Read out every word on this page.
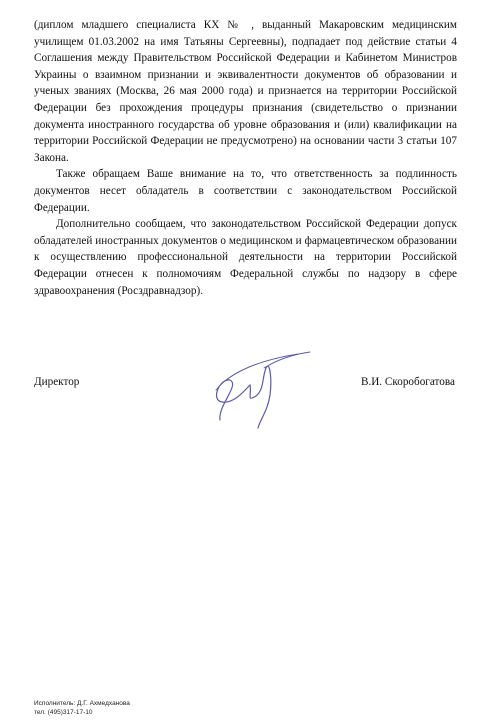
(диплом младшего специалиста КХ № , выданный Макаровским медицинским училищем 01.03.2002 на имя Татьяны Сергеевны), подпадает под действие статьи 4 Соглашения между Правительством Российской Федерации и Кабинетом Министров Украины о взаимном признании и эквивалентности документов об образовании и ученых званиях (Москва, 26 мая 2000 года) и признается на территории Российской Федерации без прохождения процедуры признания (свидетельство о признании документа иностранного государства об уровне образования и (или) квалификации на территории Российской Федерации не предусмотрено) на основании части 3 статьи 107 Закона.

Также обращаем Ваше внимание на то, что ответственность за подлинность документов несет обладатель в соответствии с законодательством Российской Федерации.

Дополнительно сообщаем, что законодательством Российской Федерации допуск обладателей иностранных документов о медицинском и фармацевтическом образовании к осуществлению профессиональной деятельности на территории Российской Федерации отнесен к полномочиям Федеральной службы по надзору в сфере здравоохранения (Росздравнадзор).

Директор	В.И. Скоробогатова
Исполнитель: Д.Г. Ахмедханова
тел. (495)317-17-10
